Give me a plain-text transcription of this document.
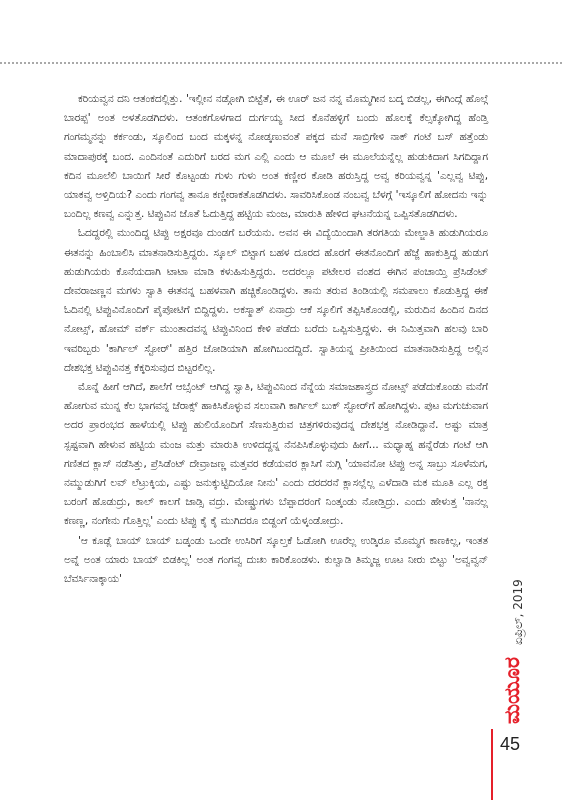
ಕರಿಯವ್ವನ ದನಿ ಆತಂಕದಲ್ಲಿತ್ತು. 'ಇಲ್ಲೀನ ನಡ್ಗೋಗಿ ಬಿಟ್ಟೆತೆ, ಈ ಊರ್ ಜನ ನನ್ನ ಮೊಮ್ಮಗೀನ ಬದ್ಕ ಬಿಡಲ್ಲ, ಈಗಿಂದ್ಗೆ ಹೊಲ್ಗೆ ಬಾರಪ್ಪ' ಅಂತ ಅಳತೊಡಗಿದಳು. ಆತಂಕಗೊಳಗಾದ ದುರ್ಗಯ್ಯ ಸೀದ ಕೊನೆಹಳ್ಳಿಗೆ ಬಂದು ಹೊಲಕ್ಕೆ ಕೆಲ್ಸಕ್ಕೋಗಿದ್ದ ಹೆಂಡ್ತಿ ಗಂಗಮ್ಮನನ್ನು ಕರ್ಕಂಡು, ಸ್ಕೂಲಿಂದ ಬಂದ ಮಕ್ಕಳನ್ನ ನೋಡ್ಕಣುವಂತೆ ಪಕ್ಕದ ಮನೆ ಸಾಬ್ರಿಗೇಳಿ ನಾಕ್ ಗಂಟೆ ಬಸ್ ಹತ್ತೆಂಡು ಮಾದಾಪುರಕ್ಕೆ ಬಂದ. ಎಂದಿನಂತೆ ಎದುರಿಗೆ ಬರದ ಮಗ ಎಲ್ಲಿ ಎಂದು ಆ ಮೂಲೆ ಈ ಮೂಲೆಯನ್ನೆಲ್ಲ ಹುಡುಕಿದಾಗ ಸಿಗದಿದ್ದಾಗ ಕದಿನ ಮೂಲೆಲಿ ಬಾಯಿಗೆ ಸೀರೆ ಕೊಟ್ಟಂಡು ಗುಳು ಗುಳು ಅಂತ ಕಣ್ಣೀರ ಕೋಡಿ ಹರುಸ್ತಿದ್ದ ಅವ್ವ ಕರಿಯವ್ವನ್ನ 'ಎಲ್ಲವ್ವ ಟಿಪ್ಪು, ಯಾಕವ್ವ ಅಳ್ತಿದಿಯ? ಎಂದು ಗಂಗವ್ವ ತಾನೂ ಕಣ್ಣೀರಾಕತೊಡಗಿದಳು. ಸಾವರಿಸಿಕೊಂಡ ನಂಬವ್ವ ಬೆಳಗ್ಗೆ 'ಇಸ್ಕೂಲಿಗೆ ಹೋದನು ಇನ್ನು ಬಂದಿಲ್ಲ ಕಣವ್ವ ಎನ್ನುತ್ತ. ಟಿಪ್ಪುವಿನ ಜೊತೆ ಓದುತ್ತಿದ್ದ ಹಟ್ಟಿಯ ಮಂಜ, ಮಾರುತಿ ಹೇಳಿದ ಘಟನೆಯನ್ನ ಒಪ್ಪಿಸತೊಡಗಿದಳು.

ಓದದ್ದರಲ್ಲಿ ಮುಂದಿದ್ದ ಟಿಪ್ಪು ಅಕ್ಷರವೂ ದುಂಡಗೆ ಬರೆಯನು. ಅವನ ಈ ವಿದ್ಯೆಯಿಂದಾಗಿ ತರಗತಿಯ ಮೇಲ್ಜಾತಿ ಹುಡುಗಿಯರೂ ಈತನನ್ನು ಹಿಂಬಾಲಿಸಿ ಮಾತನಾಡಿಸುತ್ತಿದ್ದರು. ಸ್ಕೂಲ್ ಬಿಟ್ಟಾಗ ಬಹಳ ದೂರದ ಹೊರಗೆ ಈತನೊಂದಿಗೆ ಹೆಜ್ಜೆ ಹಾಕುತ್ತಿದ್ದ ಹುಡುಗ ಹುಡುಗಿಯರು ಕೊನೆಯದಾಗಿ ಟಾಟಾ ಮಾಡಿ ಕಳುಹಿಸುತ್ತಿದ್ದರು. ಅದರಲ್ಲೂ ಪಟೇಲರ ವಂಶದ ಈಗಿನ ಪಂಚಾಯ್ತಿ ಪ್ರೆಸಿಡೆಂಟ್ ದೇವರಾಜಣ್ಣನ ಮಗಳು ಸ್ವಾತಿ ಈತನನ್ನ ಬಹಳವಾಗಿ ಹಚ್ಚಿಕೊಂಡಿದ್ದಳು. ತಾನು ತರುವ ತಿಂಡಿಯಲ್ಲಿ ಸಮಪಾಲು ಕೊಡುತ್ತಿದ್ದ ಈಕೆ ಓದಿನಲ್ಲಿ ಟಿಪ್ಪುವಿನೊಂದಿಗೆ ಪೈಪೋಟಿಗೆ ಬಿದ್ದಿದ್ದಳು. ಅಕಸ್ಮಾತ್ ಏನಾದ್ರು ಆಕೆ ಸ್ಕೂಲಿಗೆ ತಪ್ಪಿಸಿಕೊಂಡಲ್ಲಿ, ಮರುದಿನ ಹಿಂದಿನ ದಿನದ ನೋಟ್ಸ್, ಹೋಮ್ ವರ್ಕ್ ಮುಂತಾದವನ್ನ ಟಿಪ್ಪುವಿನಿಂದ ಕೇಳಿ ಪಡೆದು ಬರೆದು ಒಪ್ಪಿಸುತ್ತಿದ್ದಳು. ಈ ನಿಮಿತ್ತವಾಗಿ ಹಲವು ಬಾರಿ ಇವರಿಬ್ಬರು 'ಕಾರ್ಗಿಲ್ ಸ್ಟೋರ್' ಹತ್ತಿರ ಜೋಡಿಯಾಗಿ ಹೋಗಿಬಂದದ್ದಿದೆ. ಸ್ವಾತಿಯನ್ನ ಪ್ರೀತಿಯಿಂದ ಮಾತನಾಡಿಸುತ್ತಿದ್ದ ಅಲ್ಲಿನ ದೇಶಭಕ್ತ ಟಿಪ್ಪುವಿನತ್ತ ಕೆಕ್ಕರಿಸುವುದ ಬಿಟ್ಟರಲಿಲ್ಲ.

ಮೊನ್ನೆ ಹೀಗೆ ಆಗಿದೆ, ಶಾಲೆಗೆ ಆಬ್ಸೆಂಟ್ ಆಗಿದ್ದ ಸ್ವಾತಿ, ಟಿಪ್ಪುವಿನಿಂದ ನೆನ್ನೆಯ ಸಮಾಜಶಾಸ್ತ್ರದ ನೋಟ್ಸ್ ಪಡೆದುಕೊಂಡು ಮನೆಗೆ ಹೋಗುವ ಮುನ್ನ ಕೆಲ ಭಾಗವನ್ನ ಜೆರಾಕ್ಸ್ ಹಾಕಿಸಿಕೊಳ್ಳುವ ಸಲುವಾಗಿ ಕಾರ್ಗಿಲ್ ಬುಕ್ ಸ್ಟೋರ್‌ಗೆ ಹೋಗಿದ್ದಳು. ಪುಟ ಮಗುಚುವಾಗ ಅದರ ಪ್ರಾರಂಭದ ಹಾಳೆಯಲ್ಲಿ ಟಿಪ್ಪು ಹುಲಿಯೊಂದಿಗೆ ಸೆಣಸುತ್ತಿರುವ ಚಿತ್ರಗಳಿರುವುದನ್ನ ದೇಶಭಕ್ತ ನೋಡಿದ್ದಾನೆ. ಅಷ್ಟು ಮಾತ್ರ ಸ್ಪಷ್ಟವಾಗಿ ಹೇಳುವ ಹಟ್ಟಿಯ ಮಂಜ ಮತ್ತು ಮಾರುತಿ ಉಳಿದದ್ದನ್ನ ನೆನಪಿಸಿಕೊಳ್ಳುವುದು ಹೀಗೆ... ಮಧ್ಯಾಹ್ನ ಹನ್ನೆರೆಡು ಗಂಟೆ ಆಗಿ ಗಣಿತದ ಕ್ಲಾಸ್ ನಡೆಸಿತ್ತು, ಪ್ರೆಸಿಡೆಂಟ್ ದೇವ್ರಾಜಣ್ಣ ಮತ್ತವರ ಕಡೆಯವರ ಕ್ಲಾಸಿಗೆ ನುಗ್ಗಿ 'ಯಾವನೋ ಟಿಪ್ಪು ಅನ್ನ ಸಾಬ್ರು ಸೂಳೆಮಗ, ನಮ್ಮುಡುಗಿಗೆ ಲವ್ ಲೆಟ್ರುಕ್ಕಿಯ, ಎಷ್ಟು ಜನುಕ್ಕುಟ್ಟಿದಿಯೋ ನೀನು' ಎಂದು ದರದರನೆ ಕ್ಲಾಸಲ್ಲೆಲ್ಲ ಎಳೆದಾಡಿ ಮಕ ಮೂತಿ ಎಲ್ಲ ರಕ್ತ ಬರಂಗೆ ಹೊಡುದ್ರು, ಕಾಲ್ ಕಾಲಗೆ ಜಾಡ್ಸಿ ವದ್ರು. ಮೇಷ್ಟ್ರುಗಳು ಬೆಪ್ಪಾದರಂಗೆ ನಿಂತ್ಕಂಡು ನೋಡ್ತಿದ್ರು. ಎಂದು ಹೇಳುತ್ತ 'ನಾನಲ್ಲ ಕಣಣ್ಣ, ನಂಗೇನು ಗೊತ್ತಿಲ್ಲ' ಎಂದು ಟಿಪ್ಪು ಕೈ ಕೈ ಮುಗಿದರೂ ಬಿಡ್ದಂಗೆ ಯೆಳ್ಕಂಡೋದ್ರು.

'ಆ ಕೂಡ್ಲೆ ಬಾಯ್ ಬಾಯ್ ಬಡ್ಕಂಡು ಒಂದೇ ಉಸಿರಿಗೆ ಸ್ಕೂಲ್ತಕೆ ಓಡೋಗಿ ಊರೆಲ್ಲ ಉಡ್ಕಿರೂ ಮೊಮ್ಮಗ ಕಾಣಕಿಲ್ಲ, ಇಂತತ ಅವ್ನೆ ಅಂತ ಯಾರು ಬಾಯ್ ಬಿಡಕಿಲ್ಲ' ಅಂತ ಗಂಗವ್ವ ದುಃಖ ಕಾರಿಕೊಂಡಳು. ಕುಲ್ವಾಡಿ ತಿಮ್ಮಜ್ಜ ಊಟ ನೀರು ಬಿಟ್ಟು 'ಅವ್ವವ್ವನ್ ಬೆವರ್ಸಿನಾಕ್ಕಾಯ'

ಏಪ್ರಿಲ್, 2019
ಮಯೂರ
45
